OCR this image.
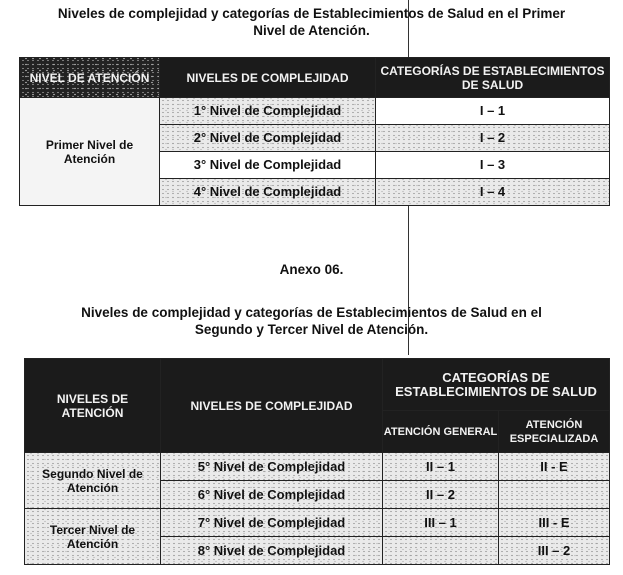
Niveles de complejidad y categorías de Establecimientos de Salud en el Primer

Nivel de Atención.

NIVEL DE ATENCIÓN	NIVELES DE COMPLEJIDAD	CATEGORÍAS DE ESTABLECIMIENTOS DE SALUD
Primer Nivel de Atención	1° Nivel de Complejidad	I – 1
	2° Nivel de Complejidad	I – 2
	3° Nivel de Complejidad	I – 3
	4° Nivel de Complejidad	I – 4
Anexo 06.

Niveles de complejidad y categorías de Establecimientos de Salud en el

Segundo y Tercer Nivel de Atención.

NIVELES DE ATENCIÓN	NIVELES DE COMPLEJIDAD	CATEGORÍAS DE ESTABLECIMIENTOS DE SALUD	
		ATENCIÓN GENERAL	ATENCIÓN ESPECIALIZADA
Segundo Nivel de Atención	5° Nivel de Complejidad	II – 1	II - E
	6° Nivel de Complejidad	II – 2	
Tercer Nivel de Atención	7° Nivel de Complejidad	III – 1	III - E
	8° Nivel de Complejidad		III – 2
